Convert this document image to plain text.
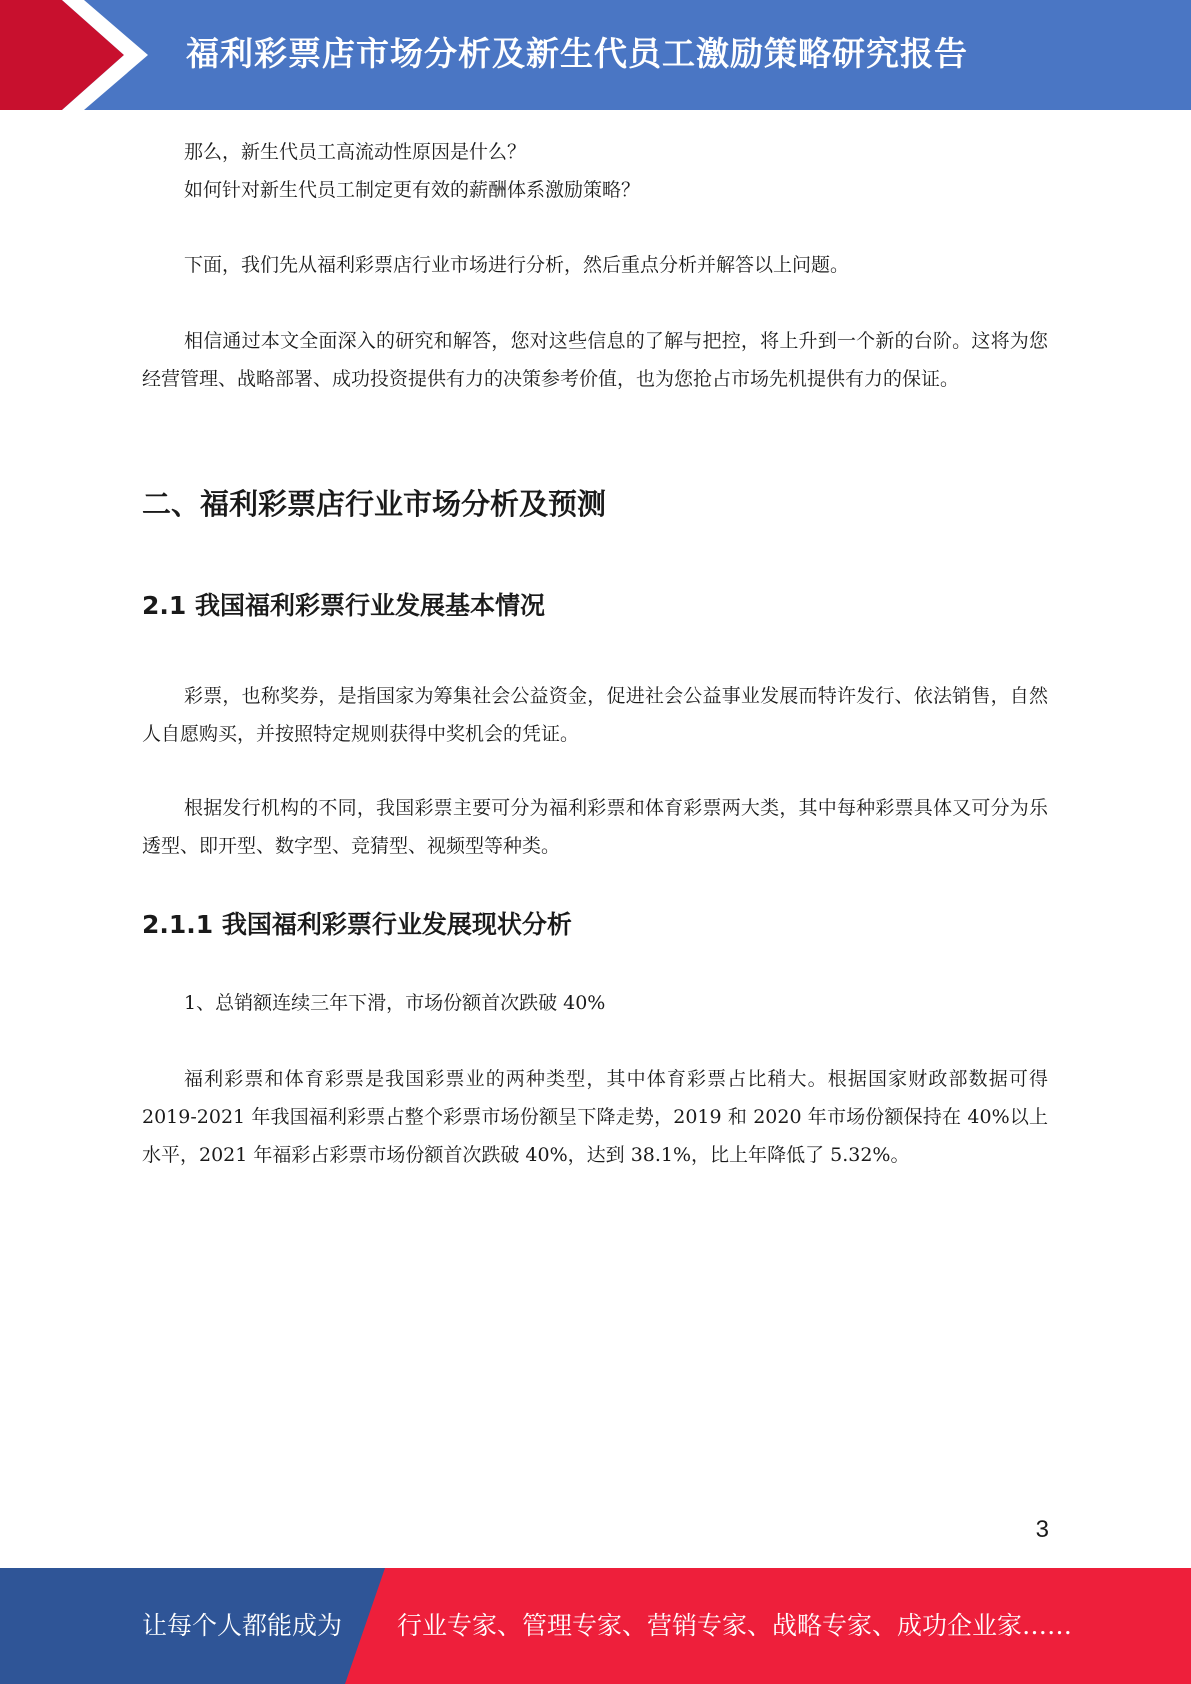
福利彩票店市场分析及新生代员工激励策略研究报告
那么，新生代员工高流动性原因是什么？
如何针对新生代员工制定更有效的薪酬体系激励策略？
下面，我们先从福利彩票店行业市场进行分析，然后重点分析并解答以上问题。
相信通过本文全面深入的研究和解答，您对这些信息的了解与把控，将上升到一个新的台阶。这将为您经营管理、战略部署、成功投资提供有力的决策参考价值，也为您抢占市场先机提供有力的保证。
二、福利彩票店行业市场分析及预测
2.1 我国福利彩票行业发展基本情况
彩票，也称奖券，是指国家为筹集社会公益资金，促进社会公益事业发展而特许发行、依法销售，自然人自愿购买，并按照特定规则获得中奖机会的凭证。
根据发行机构的不同，我国彩票主要可分为福利彩票和体育彩票两大类，其中每种彩票具体又可分为乐透型、即开型、数字型、竞猜型、视频型等种类。
2.1.1 我国福利彩票行业发展现状分析
1、总销额连续三年下滑，市场份额首次跌破 40%
福利彩票和体育彩票是我国彩票业的两种类型，其中体育彩票占比稍大。根据国家财政部数据可得 2019-2021 年我国福利彩票占整个彩票市场份额呈下降走势，2019 和 2020 年市场份额保持在 40%以上水平，2021 年福彩占彩票市场份额首次跌破 40%，达到 38.1%，比上年降低了 5.32%。
3
让每个人都能成为 行业专家、管理专家、营销专家、战略专家、成功企业家……
